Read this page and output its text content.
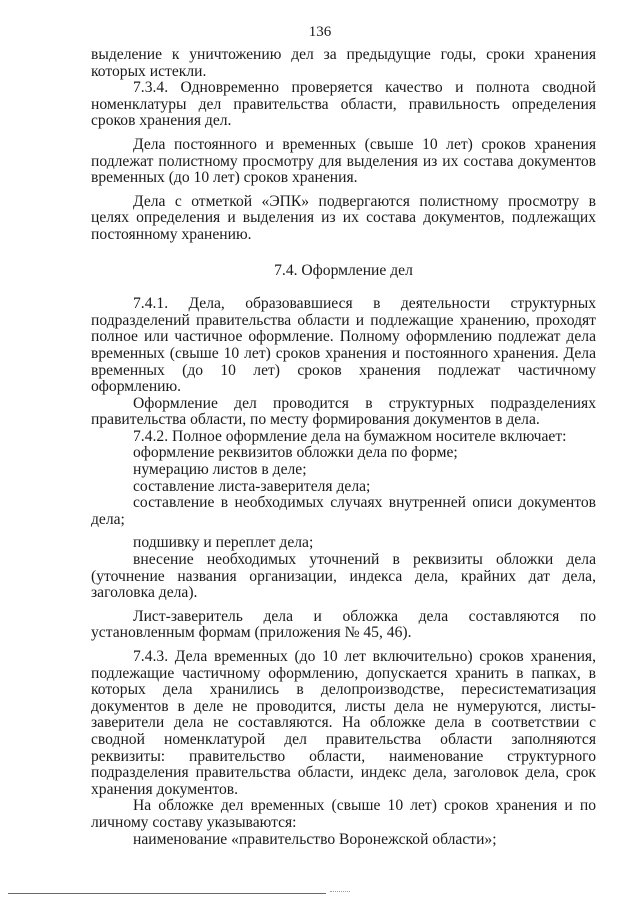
136

выделение к уничтожению дел за предыдущие годы, сроки хранения которых истекли.

7.3.4. Одновременно проверяется качество и полнота сводной номенклатуры дел правительства области, правильность определения сроков хранения дел.

Дела постоянного и временных (свыше 10 лет) сроков хранения подлежат полистному просмотру для выделения из их состава документов временных (до 10 лет) сроков хранения.

Дела с отметкой «ЭПК» подвергаются полистному просмотру в целях определения и выделения из их состава документов, подлежащих постоянному хранению.

7.4. Оформление дел

7.4.1. Дела, образовавшиеся в деятельности структурных подразделений правительства области и подлежащие хранению, проходят полное или частичное оформление. Полному оформлению подлежат дела временных (свыше 10 лет) сроков хранения и постоянного хранения. Дела временных (до 10 лет) сроков хранения подлежат частичному оформлению.

Оформление дел проводится в структурных подразделениях правительства области, по месту формирования документов в дела.

7.4.2. Полное оформление дела на бумажном носителе включает:

оформление реквизитов обложки дела по форме;

нумерацию листов в деле;

составление листа-заверителя дела;

составление в необходимых случаях внутренней описи документов дела;

подшивку и переплет дела;

внесение необходимых уточнений в реквизиты обложки дела (уточнение названия организации, индекса дела, крайних дат дела, заголовка дела).

Лист-заверитель дела и обложка дела составляются по установленным формам (приложения № 45, 46).

7.4.3. Дела временных (до 10 лет включительно) сроков хранения, подлежащие частичному оформлению, допускается хранить в папках, в которых дела хранились в делопроизводстве, пересистематизация документов в деле не проводится, листы дела не нумеруются, листы-заверители дела не составляются. На обложке дела в соответствии с сводной номенклатурой дел правительства области заполняются реквизиты: правительство области, наименование структурного подразделения правительства области, индекс дела, заголовок дела, срок хранения документов.

На обложке дел временных (свыше 10 лет) сроков хранения и по личному составу указываются:

наименование «правительство Воронежской области»;
